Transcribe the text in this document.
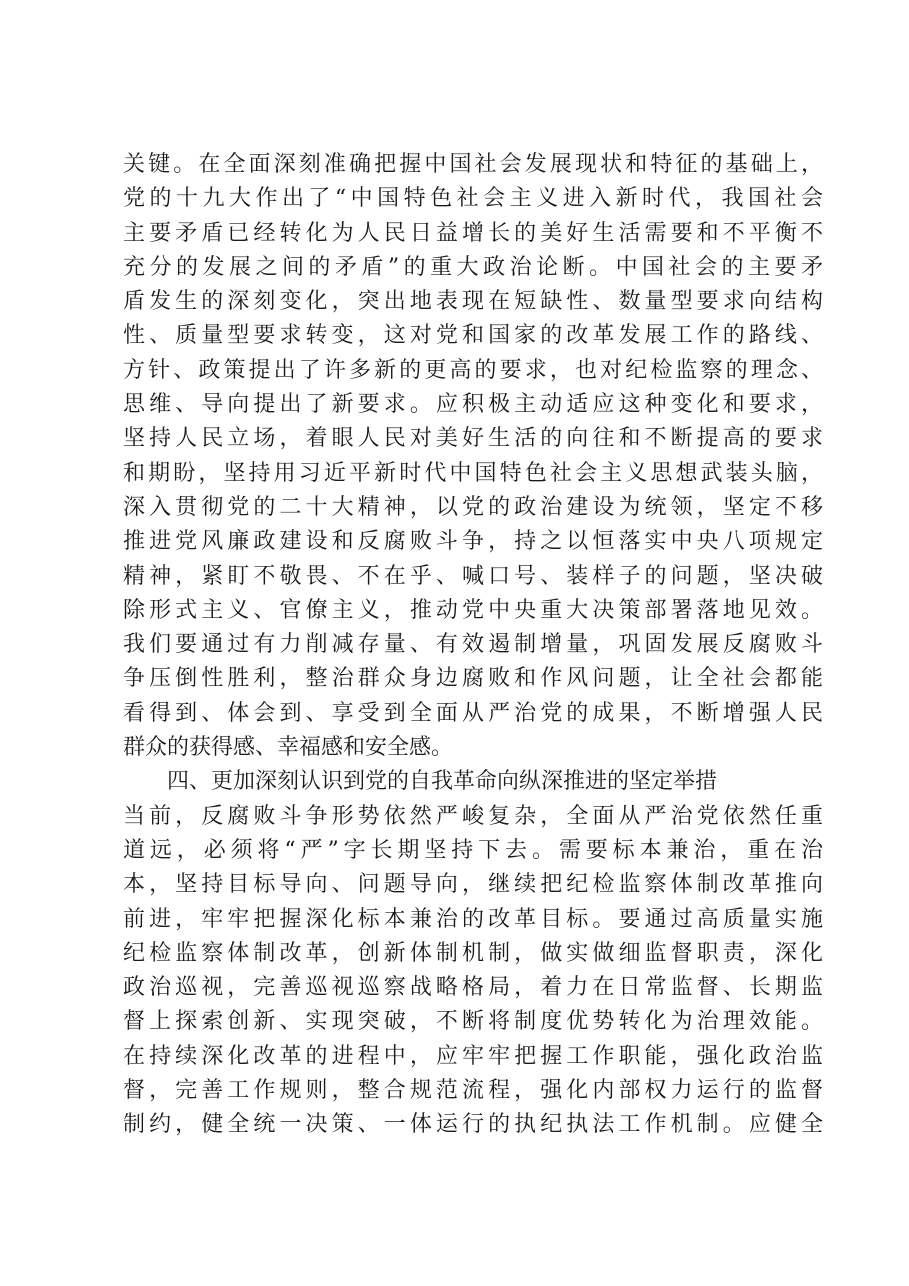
关键。在全面深刻准确把握中国社会发展现状和特征的基础上，
党的十九大作出了“中国特色社会主义进入新时代，我国社会
主要矛盾已经转化为人民日益增长的美好生活需要和不平衡不
充分的发展之间的矛盾”的重大政治论断。中国社会的主要矛
盾发生的深刻变化，突出地表现在短缺性、数量型要求向结构
性、质量型要求转变，这对党和国家的改革发展工作的路线、
方针、政策提出了许多新的更高的要求，也对纪检监察的理念、
思维、导向提出了新要求。应积极主动适应这种变化和要求，
坚持人民立场，着眼人民对美好生活的向往和不断提高的要求
和期盼，坚持用习近平新时代中国特色社会主义思想武装头脑，
深入贯彻党的二十大精神，以党的政治建设为统领，坚定不移
推进党风廉政建设和反腐败斗争，持之以恒落实中央八项规定
精神，紧盯不敬畏、不在乎、喊口号、装样子的问题，坚决破
除形式主义、官僚主义，推动党中央重大决策部署落地见效。
我们要通过有力削减存量、有效遏制增量，巩固发展反腐败斗
争压倒性胜利，整治群众身边腐败和作风问题，让全社会都能
看得到、体会到、享受到全面从严治党的成果，不断增强人民
群众的获得感、幸福感和安全感。
四、更加深刻认识到党的自我革命向纵深推进的坚定举措
当前，反腐败斗争形势依然严峻复杂，全面从严治党依然任重
道远，必须将“严”字长期坚持下去。需要标本兼治，重在治
本，坚持目标导向、问题导向，继续把纪检监察体制改革推向
前进，牢牢把握深化标本兼治的改革目标。要通过高质量实施
纪检监察体制改革，创新体制机制，做实做细监督职责，深化
政治巡视，完善巡视巡察战略格局，着力在日常监督、长期监
督上探索创新、实现突破，不断将制度优势转化为治理效能。
在持续深化改革的进程中，应牢牢把握工作职能，强化政治监
督，完善工作规则，整合规范流程，强化内部权力运行的监督
制约，健全统一决策、一体运行的执纪执法工作机制。应健全
